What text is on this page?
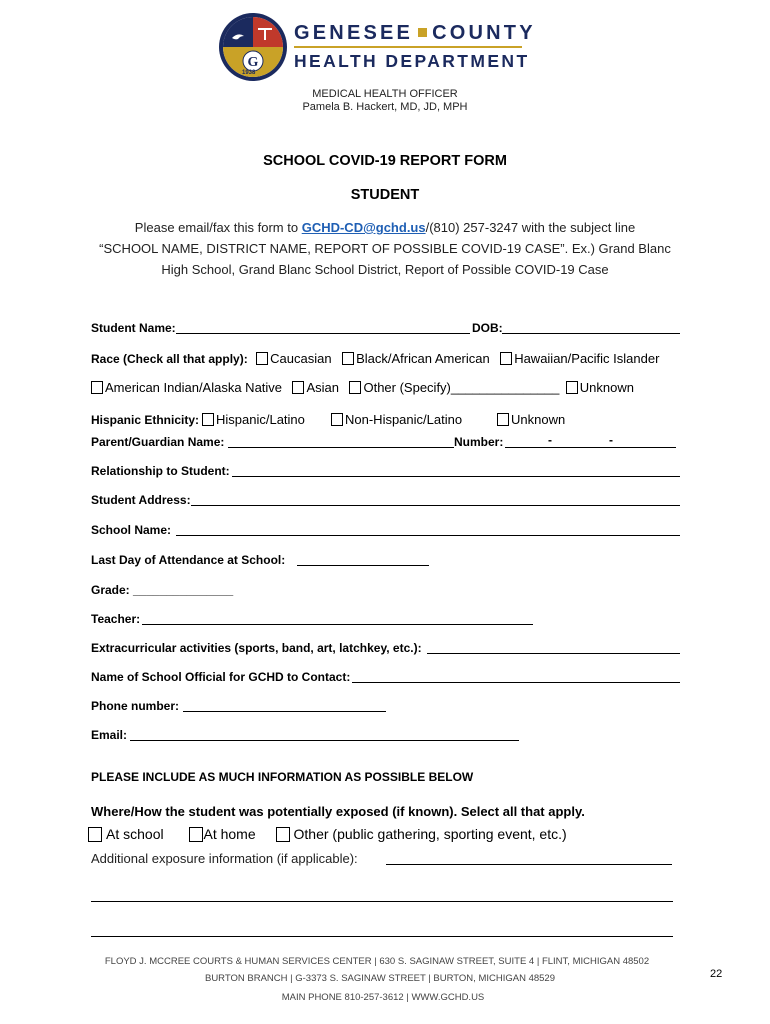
G
1938
GENESEE COUNTY
HEALTH DEPARTMENT
MEDICAL HEALTH OFFICER
Pamela B. Hackert, MD, JD, MPH
SCHOOL COVID-19 REPORT FORM
STUDENT
Please email/fax this form to GCHD-CD@gchd.us/(810) 257-3247 with the subject line
“SCHOOL NAME, DISTRICT NAME, REPORT OF POSSIBLE COVID-19 CASE”. Ex.) Grand Blanc
High School, Grand Blanc School District, Report of Possible COVID-19 Case
Student Name:	DOB:
Race (Check all that apply): Caucasian Black/African American Hawaiian/Pacific Islander
American Indian/Alaska Native Asian Other (Specify)_______________ Unknown
Hispanic Ethnicity:	Hispanic/Latino	Non-Hispanic/Latino	Unknown
Parent/Guardian Name:	Number:	-	-
Relationship to Student:
Student Address:
School Name:
Last Day of Attendance at School:
Grade: _______________
Teacher:
Extracurricular activities (sports, band, art, latchkey, etc.):
Name of School Official for GCHD to Contact:
Phone number:
Email:
PLEASE INCLUDE AS MUCH INFORMATION AS POSSIBLE BELOW
Where/How the student was potentially exposed (if known). Select all that apply.
At school	At home	Other (public gathering, sporting event, etc.)
Additional exposure information (if applicable):
FLOYD J. MCCREE COURTS & HUMAN SERVICES CENTER | 630 S. SAGINAW STREET, SUITE 4 | FLINT, MICHIGAN 48502
BURTON BRANCH | G-3373 S. SAGINAW STREET | BURTON, MICHIGAN 48529
MAIN PHONE 810-257-3612 | WWW.GCHD.US
22
